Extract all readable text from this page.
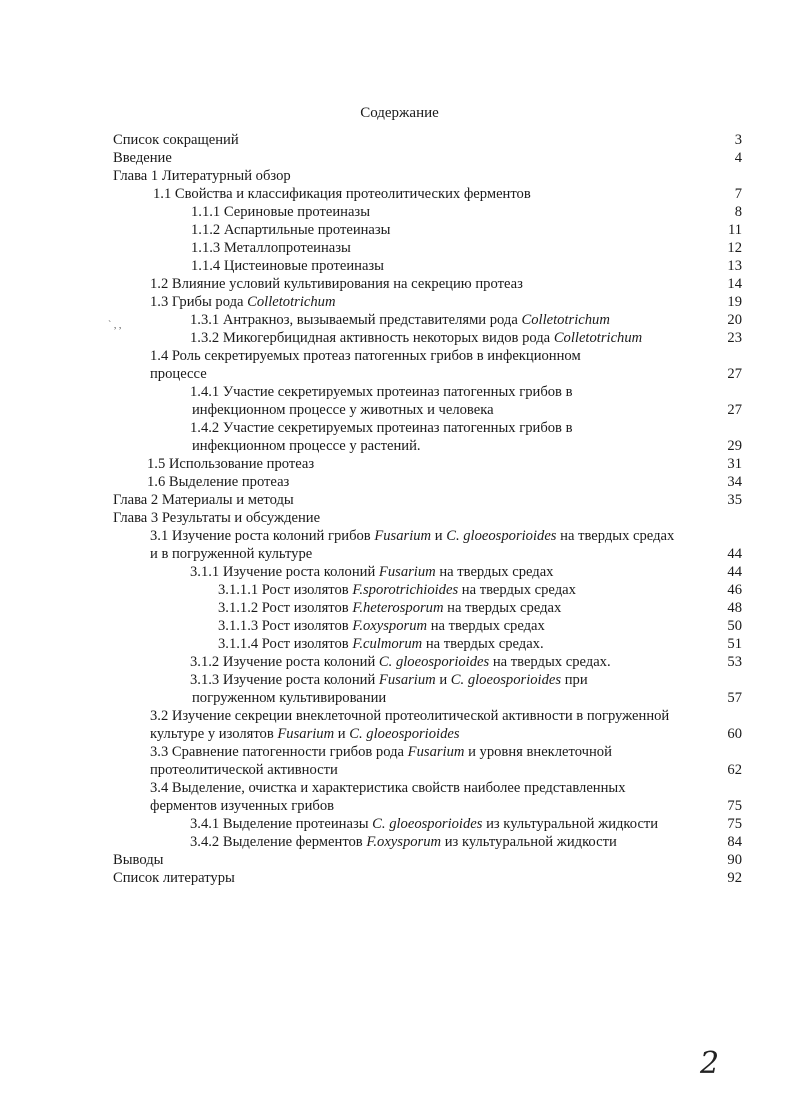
Содержание
` , ,
Список сокращений	3
Введение	4
Глава 1 Литературный обзор
1.1 Свойства и классификация протеолитических ферментов	7
1.1.1 Сериновые протеиназы	8
1.1.2 Аспартильные протеиназы	11
1.1.3 Металлопротеиназы	12
1.1.4 Цистеиновые протеиназы	13
1.2 Влияние условий культивирования на секрецию протеаз	14
1.3 Грибы рода Colletotrichum	19
1.3.1 Антракноз, вызываемый представителями рода Colletotrichum	20
1.3.2 Микогербицидная активность некоторых видов рода Colletotrichum	23
1.4 Роль секретируемых протеаз патогенных грибов в инфекционном
процессе	27
1.4.1 Участие секретируемых протеиназ патогенных грибов в
инфекционном процессе у животных и человека	27
1.4.2 Участие секретируемых протеиназ патогенных грибов в
инфекционном процессе у растений.	29
1.5 Использование протеаз	31
1.6 Выделение протеаз	34
Глава 2 Материалы и методы	35
Глава 3 Результаты и обсуждение
3.1 Изучение роста колоний грибов Fusarium и C. gloeosporioides на твердых средах
и в погруженной культуре	44
3.1.1 Изучение роста колоний Fusarium на твердых средах	44
3.1.1.1 Рост изолятов F.sporotrichioides на твердых средах	46
3.1.1.2 Рост изолятов F.heterosporum на твердых средах	48
3.1.1.3 Рост изолятов F.oxysporum на твердых средах	50
3.1.1.4 Рост изолятов F.culmorum на твердых средах.	51
3.1.2 Изучение роста колоний C. gloeosporioides на твердых средах.	53
3.1.3 Изучение роста колоний Fusarium и C. gloeosporioides при
погруженном культивировании	57
3.2 Изучение секреции внеклеточной протеолитической активности в погруженной
культуре у изолятов Fusarium и C. gloeosporioides	60
3.3 Сравнение патогенности грибов рода Fusarium и уровня внеклеточной
протеолитической активности	62
3.4 Выделение, очистка и характеристика свойств наиболее представленных
ферментов изученных грибов	75
3.4.1 Выделение протеиназы C. gloeosporioides из культуральной жидкости	75
3.4.2 Выделение ферментов F.oxysporum из культуральной жидкости	84
Выводы	90
Список литературы	92
2
